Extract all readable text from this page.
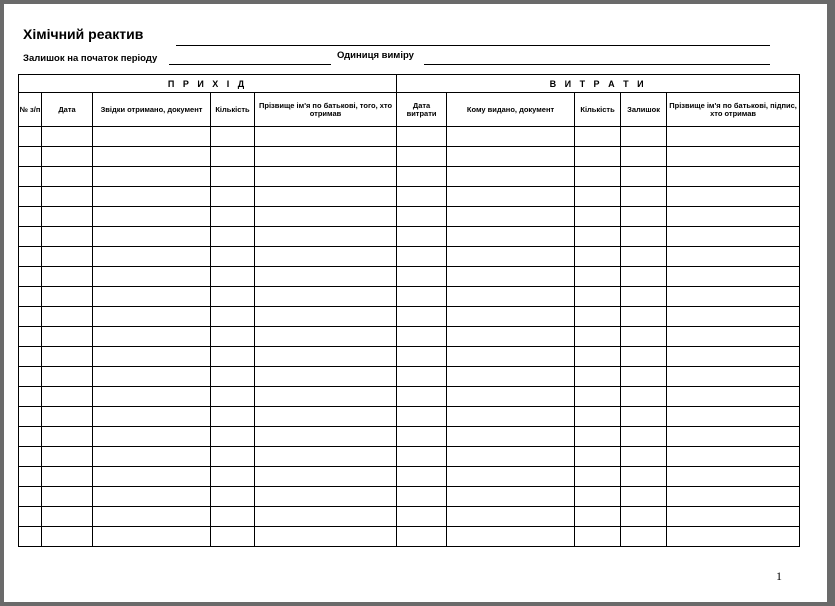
Хімічний реактив
Залишок на початок періоду	Одиниця виміру
П Р И Х І Д					В И Т Р А Т И				
№ з/п	Дата	Звідки отримано, документ	Кількість	Прізвище ім'я по батькові, того, хто отримав	Дата витрати	Кому видано, документ	Кількість	Залишок	Прізвище ім'я по батькові, підпис, хто отримав

1
